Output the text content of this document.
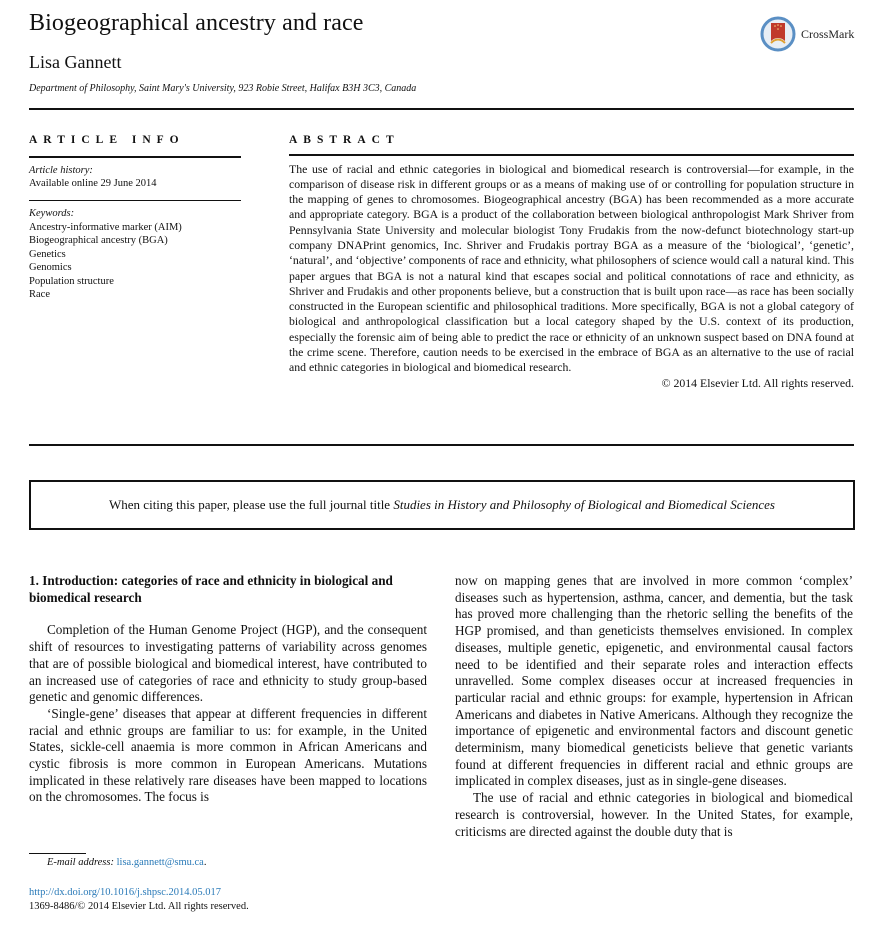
Biogeographical ancestry and race
Lisa Gannett
Department of Philosophy, Saint Mary's University, 923 Robie Street, Halifax B3H 3C3, Canada
CrossMark
ARTICLE INFO
Article history:
Available online 29 June 2014
Keywords:
Ancestry-informative marker (AIM)
Biogeographical ancestry (BGA)
Genetics
Genomics
Population structure
Race
ABSTRACT

The use of racial and ethnic categories in biological and biomedical research is controversial—for example, in the comparison of disease risk in different groups or as a means of making use of or controlling for population structure in the mapping of genes to chromosomes. Biogeographical ancestry (BGA) has been recommended as a more accurate and appropriate category. BGA is a product of the collaboration between biological anthropologist Mark Shriver from Pennsylvania State University and molecular biologist Tony Frudakis from the now-defunct biotechnology start-up company DNAPrint genomics, Inc. Shriver and Frudakis portray BGA as a measure of the ‘biological’, ‘genetic’, ‘natural’, and ‘objective’ components of race and ethnicity, what philosophers of science would call a natural kind. This paper argues that BGA is not a natural kind that escapes social and political connotations of race and ethnicity, as Shriver and Frudakis and other proponents believe, but a construction that is built upon race—as race has been socially constructed in the European scientific and philosophical traditions. More specifically, BGA is not a global category of biological and anthropological classification but a local category shaped by the U.S. context of its production, especially the forensic aim of being able to predict the race or ethnicity of an unknown suspect based on DNA found at the crime scene. Therefore, caution needs to be exercised in the embrace of BGA as an alternative to the use of racial and ethnic categories in biological and biomedical research.

© 2014 Elsevier Ltd. All rights reserved.
When citing this paper, please use the full journal title Studies in History and Philosophy of Biological and Biomedical Sciences
1. Introduction: categories of race and ethnicity in biological and biomedical research

Completion of the Human Genome Project (HGP), and the consequent shift of resources to investigating patterns of variability across genomes that are of possible biological and biomedical interest, have contributed to an increased use of categories of race and ethnicity to study group-based genetic and genomic differences.

‘Single-gene’ diseases that appear at different frequencies in different racial and ethnic groups are familiar to us: for example, in the United States, sickle-cell anaemia is more common in African Americans and cystic fibrosis is more common in European Americans. Mutations implicated in these relatively rare diseases have been mapped to locations on the chromosomes. The focus is

now on mapping genes that are involved in more common ‘complex’ diseases such as hypertension, asthma, cancer, and dementia, but the task has proved more challenging than the rhetoric selling the benefits of the HGP promised, and than geneticists themselves envisioned. In complex diseases, multiple genetic, epigenetic, and environmental causal factors need to be identified and their separate roles and interaction effects unravelled. Some complex diseases occur at increased frequencies in particular racial and ethnic groups: for example, hypertension in African Americans and diabetes in Native Americans. Although they recognize the importance of epigenetic and environmental factors and discount genetic determinism, many biomedical geneticists believe that genetic variants found at different frequencies in different racial and ethnic groups are implicated in complex diseases, just as in single-gene diseases.

The use of racial and ethnic categories in biological and biomedical research is controversial, however. In the United States, for example, criticisms are directed against the double duty that is

E-mail address: lisa.gannett@smu.ca.
http://dx.doi.org/10.1016/j.shpsc.2014.05.017
1369-8486/© 2014 Elsevier Ltd. All rights reserved.
